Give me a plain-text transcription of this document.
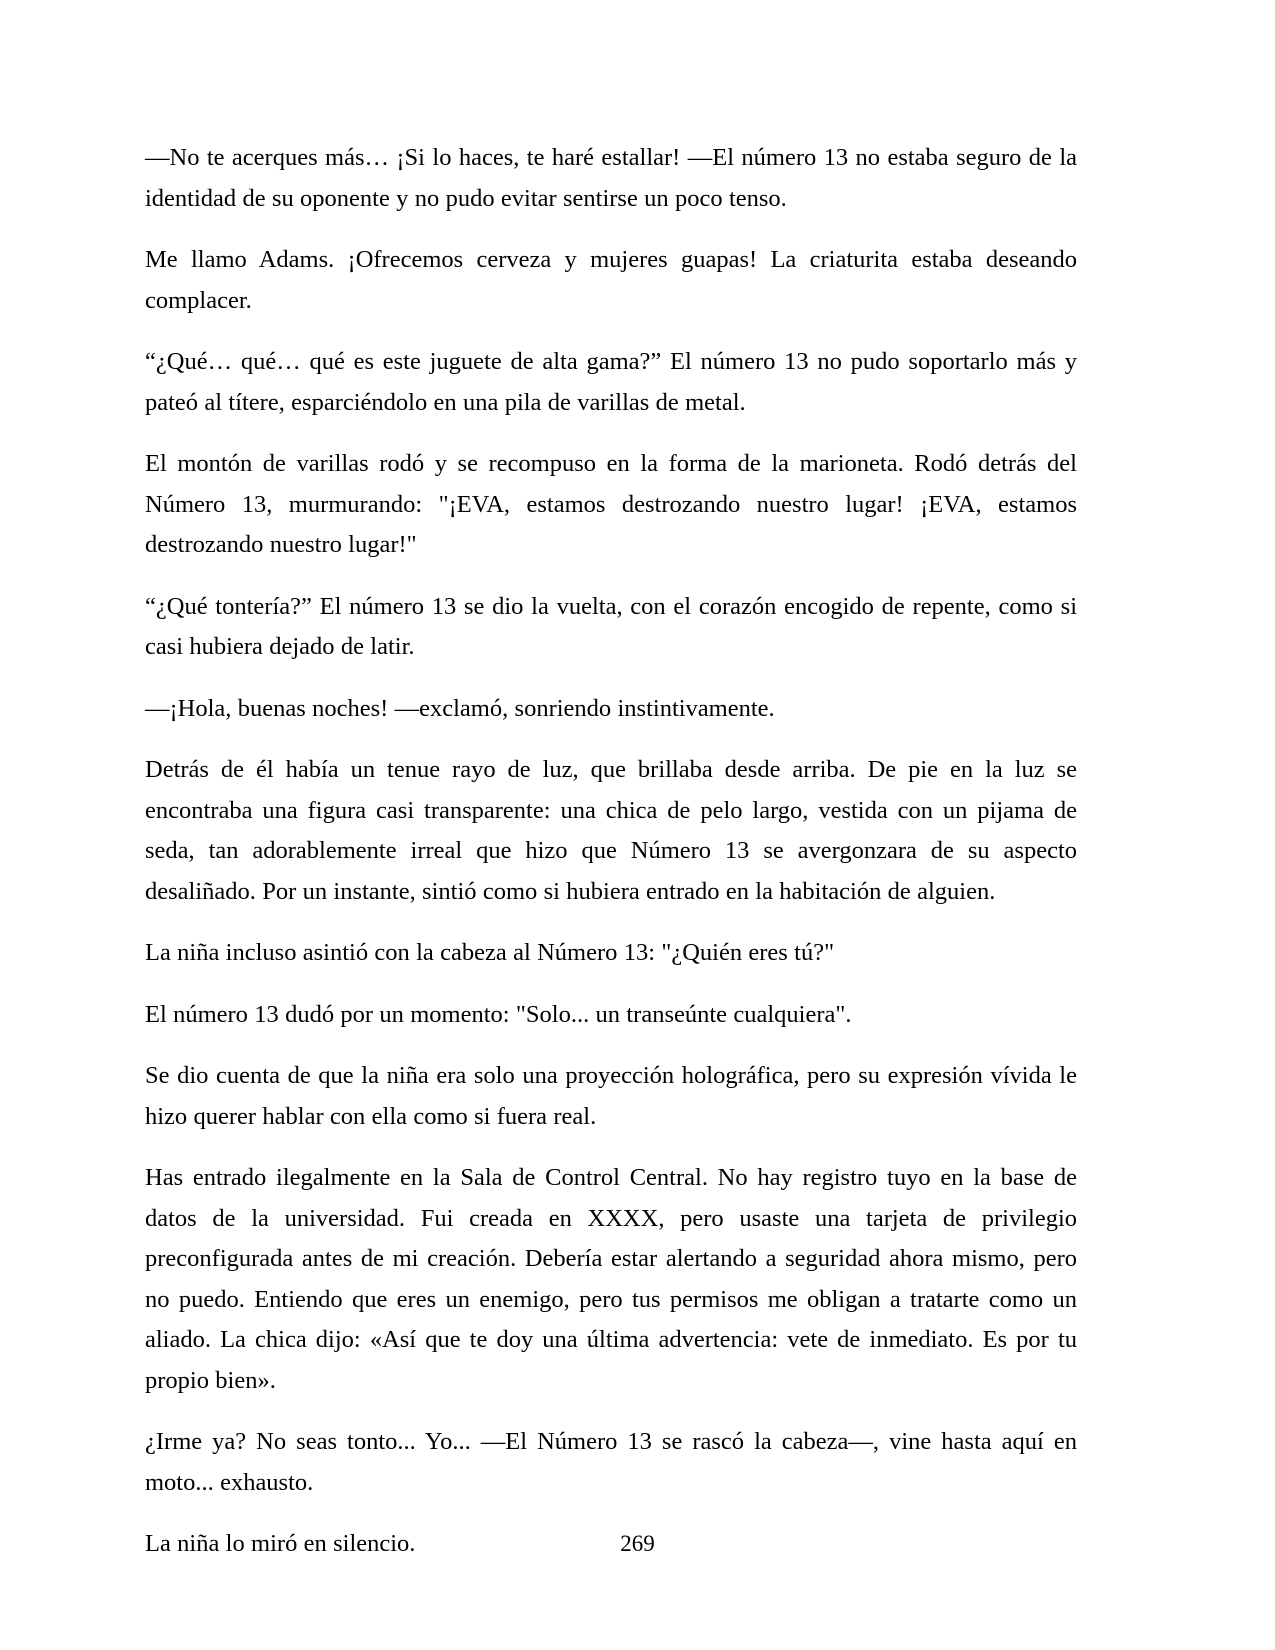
—No te acerques más… ¡Si lo haces, te haré estallar! —El número 13 no estaba seguro de la identidad de su oponente y no pudo evitar sentirse un poco tenso.

Me llamo Adams. ¡Ofrecemos cerveza y mujeres guapas! La criaturita estaba deseando complacer.

“¿Qué… qué… qué es este juguete de alta gama?” El número 13 no pudo soportarlo más y pateó al títere, esparciéndolo en una pila de varillas de metal.

El montón de varillas rodó y se recompuso en la forma de la marioneta. Rodó detrás del Número 13, murmurando: "¡EVA, estamos destrozando nuestro lugar! ¡EVA, estamos destrozando nuestro lugar!"

“¿Qué tontería?” El número 13 se dio la vuelta, con el corazón encogido de repente, como si casi hubiera dejado de latir.

—¡Hola, buenas noches! —exclamó, sonriendo instintivamente.

Detrás de él había un tenue rayo de luz, que brillaba desde arriba. De pie en la luz se encontraba una figura casi transparente: una chica de pelo largo, vestida con un pijama de seda, tan adorablemente irreal que hizo que Número 13 se avergonzara de su aspecto desaliñado. Por un instante, sintió como si hubiera entrado en la habitación de alguien.

La niña incluso asintió con la cabeza al Número 13: "¿Quién eres tú?"

El número 13 dudó por un momento: "Solo... un transeúnte cualquiera".

Se dio cuenta de que la niña era solo una proyección holográfica, pero su expresión vívida le hizo querer hablar con ella como si fuera real.

Has entrado ilegalmente en la Sala de Control Central. No hay registro tuyo en la base de datos de la universidad. Fui creada en XXXX, pero usaste una tarjeta de privilegio preconfigurada antes de mi creación. Debería estar alertando a seguridad ahora mismo, pero no puedo. Entiendo que eres un enemigo, pero tus permisos me obligan a tratarte como un aliado. La chica dijo: «Así que te doy una última advertencia: vete de inmediato. Es por tu propio bien».

¿Irme ya? No seas tonto... Yo... —El Número 13 se rascó la cabeza—, vine hasta aquí en moto... exhausto.

La niña lo miró en silencio.	269
